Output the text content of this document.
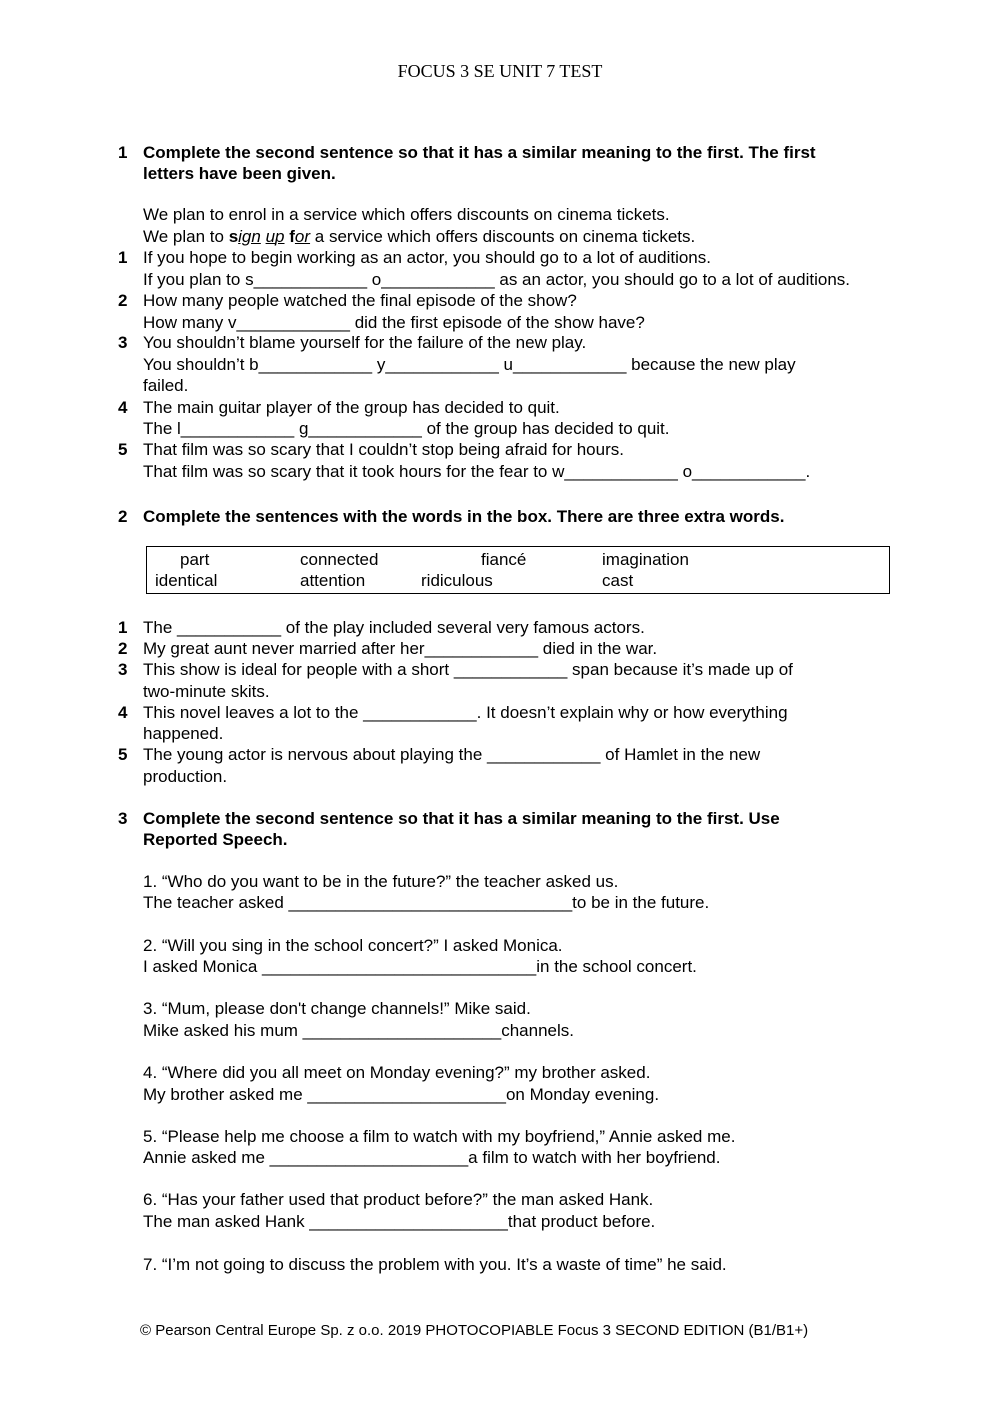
FOCUS 3 SE UNIT 7 TEST
1 Complete the second sentence so that it has a similar meaning to the first. The first
letters have been given.
We plan to enrol in a service which offers discounts on cinema tickets.
We plan to sign up for a service which offers discounts on cinema tickets.
1 If you hope to begin working as an actor, you should go to a lot of auditions.
If you plan to s____________ o____________ as an actor, you should go to a lot of auditions.
2 How many people watched the final episode of the show?
How many v____________ did the first episode of the show have?
3 You shouldn’t blame yourself for the failure of the new play.
You shouldn’t b____________ y____________ u____________ because the new play
failed.
4 The main guitar player of the group has decided to quit.
The l____________ g____________ of the group has decided to quit.
5 That film was so scary that I couldn’t stop being afraid for hours.
That film was so scary that it took hours for the fear to w____________ o____________.
2 Complete the sentences with the words in the box. There are three extra words.
part	connected	fiancé	imagination
identical	attention	ridiculous	cast
1 The ___________ of the play included several very famous actors.
2 My great aunt never married after her____________ died in the war.
3 This show is ideal for people with a short ____________ span because it’s made up of
two-minute skits.
4 This novel leaves a lot to the ____________. It doesn’t explain why or how everything
happened.
5 The young actor is nervous about playing the ____________ of Hamlet in the new
production.
3 Complete the second sentence so that it has a similar meaning to the first. Use
Reported Speech.
1. “Who do you want to be in the future?” the teacher asked us.
The teacher asked ______________________________to be in the future.
2. “Will you sing in the school concert?” I asked Monica.
I asked Monica _____________________________in the school concert.
3. “Mum, please don't change channels!” Mike said.
Mike asked his mum _____________________channels.
4. “Where did you all meet on Monday evening?” my brother asked.
My brother asked me _____________________on Monday evening.
5. “Please help me choose a film to watch with my boyfriend,” Annie asked me.
Annie asked me _____________________a film to watch with her boyfriend.
6. “Has your father used that product before?” the man asked Hank.
The man asked Hank _____________________that product before.
7. “I’m not going to discuss the problem with you. It’s a waste of time” he said.
© Pearson Central Europe Sp. z o.o. 2019 PHOTOCOPIABLE Focus 3 SECOND EDITION (B1/B1+)
